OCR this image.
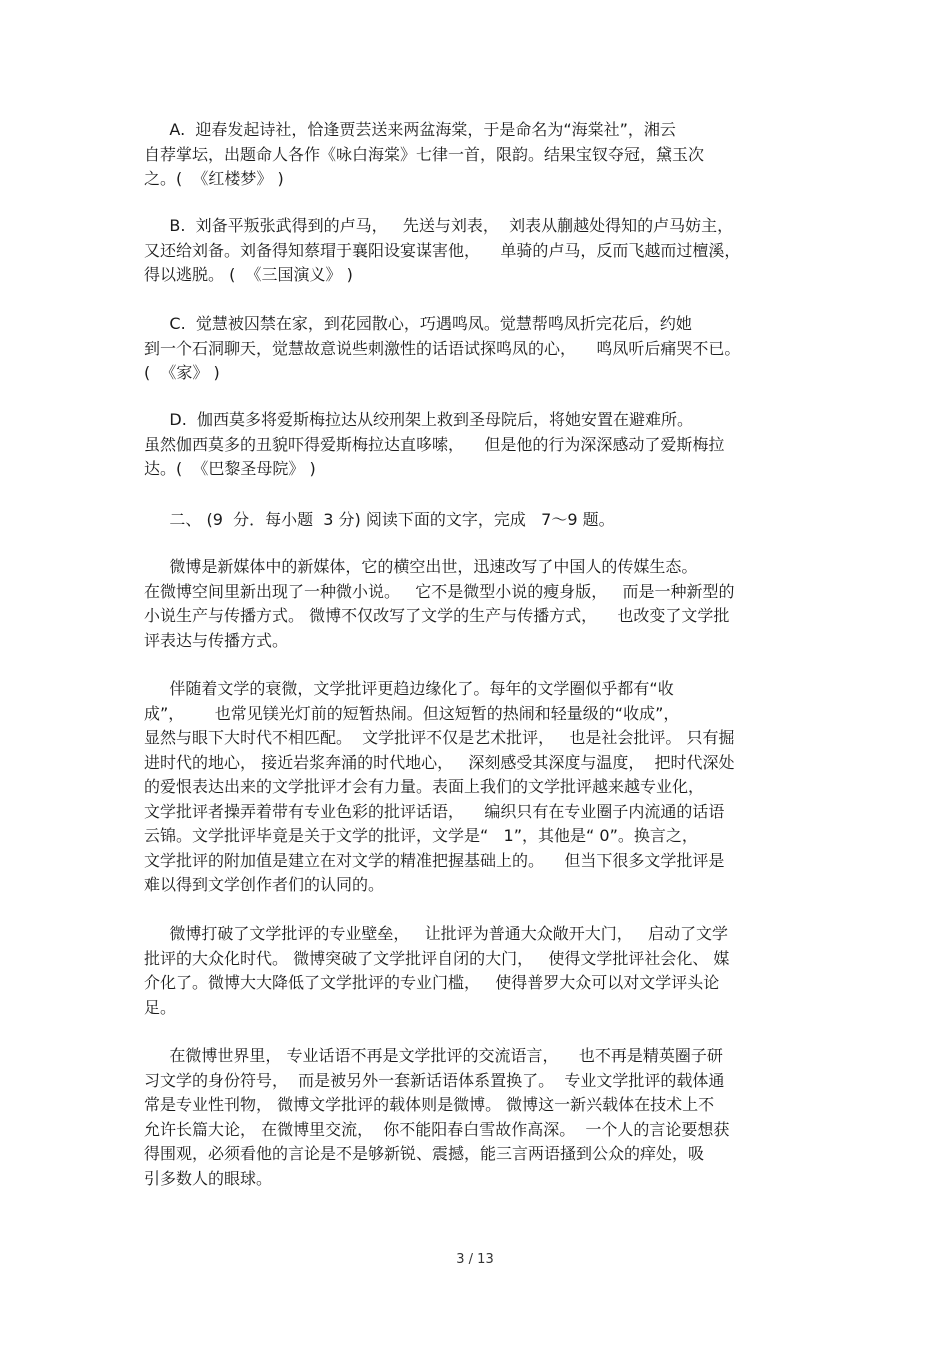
A.  迎春发起诗社，恰逢贾芸送来两盆海棠，于是命名为“海棠社”，湘云
自荐掌坛，出题命人各作《咏白海棠》七律一首，限韵。结果宝钗夺冠，黛玉次
之。(  《红楼梦》 )
B.  刘备平叛张武得到的卢马，   先送与刘表，  刘表从蒯越处得知的卢马妨主，
又还给刘备。刘备得知蔡瑁于襄阳设宴谋害他，    单骑的卢马，反而飞越而过檀溪，
得以逃脱。 (  《三国演义》 )
C.  觉慧被囚禁在家，到花园散心，巧遇鸣凤。觉慧帮鸣凤折完花后，约她
到一个石洞聊天，觉慧故意说些刺激性的话语试探鸣凤的心，    鸣凤听后痛哭不已。
(  《家》 )
D.  伽西莫多将爱斯梅拉达从绞刑架上救到圣母院后，将她安置在避难所。
虽然伽西莫多的丑貌吓得爱斯梅拉达直哆嗦，    但是他的行为深深感动了爱斯梅拉
达。(  《巴黎圣母院》 )
二、 (9  分．每小题  3 分) 阅读下面的文字，完成   7～9 题。
微博是新媒体中的新媒体，它的横空出世，迅速改写了中国人的传媒生态。
在微博空间里新出现了一种微小说。   它不是微型小说的瘦身版，   而是一种新型的
小说生产与传播方式。 微博不仅改写了文学的生产与传播方式，    也改变了文学批
评表达与传播方式。
伴随着文学的衰微，文学批评更趋边缘化了。每年的文学圈似乎都有“收
成”，      也常见镁光灯前的短暂热闹。但这短暂的热闹和轻量级的“收成”，
显然与眼下大时代不相匹配。  文学批评不仅是艺术批评，   也是社会批评。 只有掘
进时代的地心， 接近岩浆奔涌的时代地心，   深刻感受其深度与温度，  把时代深处
的爱恨表达出来的文学批评才会有力量。表面上我们的文学批评越来越专业化，
文学批评者操弄着带有专业色彩的批评话语，    编织只有在专业圈子内流通的话语
云锦。文学批评毕竟是关于文学的批评，文学是“   1”，其他是“ 0”。换言之，
文学批评的附加值是建立在对文学的精准把握基础上的。    但当下很多文学批评是
难以得到文学创作者们的认同的。
微博打破了文学批评的专业壁垒，   让批评为普通大众敞开大门，   启动了文学
批评的大众化时代。 微博突破了文学批评自闭的大门，   使得文学批评社会化、 媒
介化了。微博大大降低了文学批评的专业门槛，   使得普罗大众可以对文学评头论
足。
在微博世界里， 专业话语不再是文学批评的交流语言，    也不再是精英圈子研
习文学的身份符号，  而是被另外一套新话语体系置换了。  专业文学批评的载体通
常是专业性刊物， 微博文学批评的载体则是微博。 微博这一新兴载体在技术上不
允许长篇大论， 在微博里交流，  你不能阳春白雪故作高深。  一个人的言论要想获
得围观，必须看他的言论是不是够新锐、震撼，能三言两语搔到公众的痒处，吸
引多数人的眼球。
3 / 13
